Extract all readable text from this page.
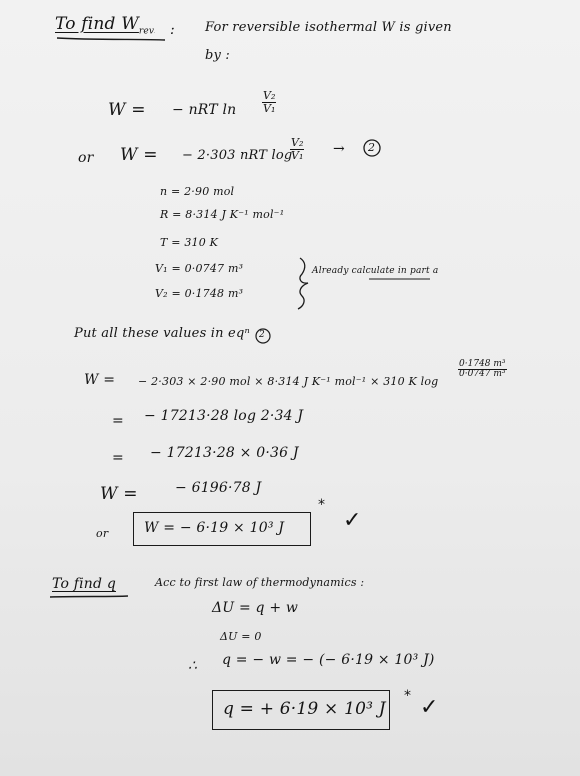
To find $W_{rev}$ : For reversible isothermal W is given
by :
W = − nRT $\ln \frac{\text{V₂}}{\text{V₁}}$
or W = − 2·303 nRT log
$\frac{\text{V₂}}{\text{V₁}} \to 2$
n = 2·90 mol
R = 8·314 J K⁻¹ mol⁻¹
T = 310 K
V₁ = 0·0747 m³
V₂ = 0·1748 m³
Already calculate in part a
Put all these values in eqⁿ 2
W = − 2·303 × 2·90 mol × 8·314 J K⁻¹ mol⁻¹ × 310 K log
$\frac{\text{0·1748 m³}}{\text{0·0747 m³}}$
= − 17213·28 log 2·34 J
= − 17213·28 × 0·36 J
W =	− 6196·78 J
or	W = − 6·19 × 10³ J
*
✓
To find q	Acc to first law of thermodynamics :
ΔU = q + w
ΔU = 0
∴ q = − w = − (− 6·19 × 10³ J)
q = + 6·19 × 10³ J
* ✓
